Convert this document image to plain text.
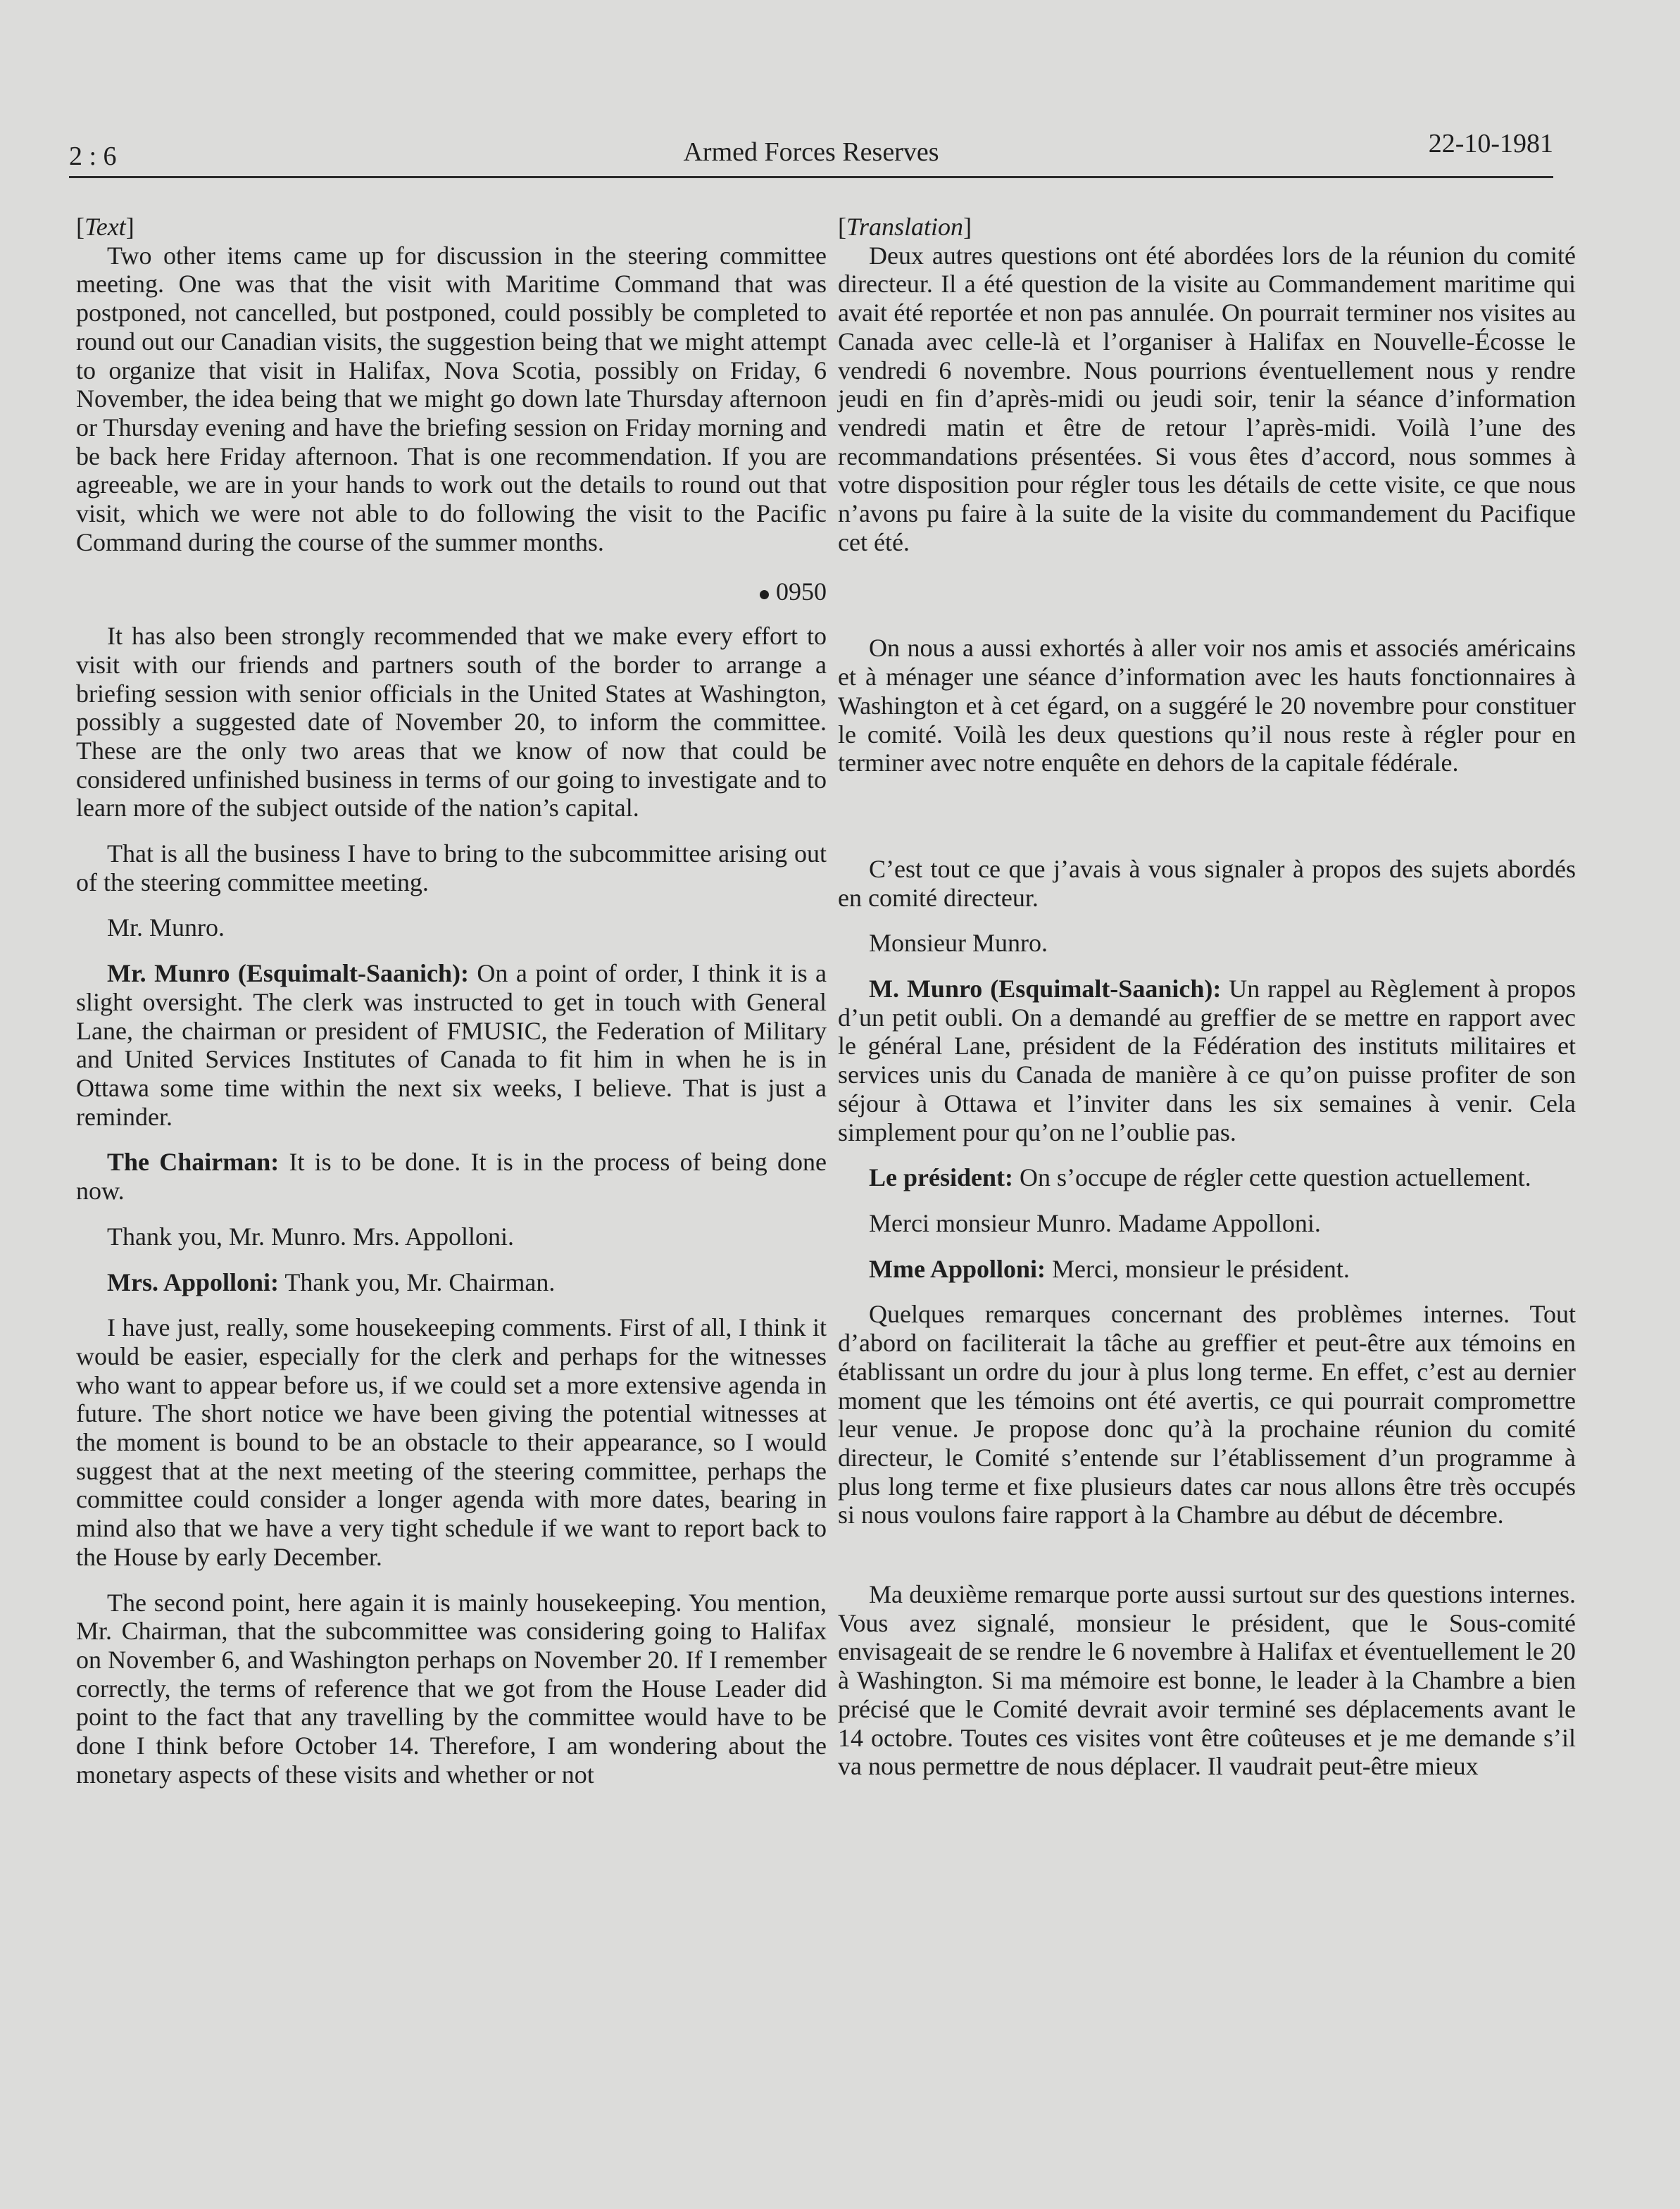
2 : 6	Armed Forces Reserves	22-10-1981

[Text]

Two other items came up for discussion in the steering committee meeting. One was that the visit with Maritime Command that was postponed, not cancelled, but postponed, could possibly be completed to round out our Canadian visits, the suggestion being that we might attempt to organize that visit in Halifax, Nova Scotia, possibly on Friday, 6 November, the idea being that we might go down late Thursday afternoon or Thursday evening and have the briefing session on Friday morning and be back here Friday afternoon. That is one recommendation. If you are agreeable, we are in your hands to work out the details to round out that visit, which we were not able to do following the visit to the Pacific Command during the course of the summer months.

0950

It has also been strongly recommended that we make every effort to visit with our friends and partners south of the border to arrange a briefing session with senior officials in the United States at Washington, possibly a suggested date of November 20, to inform the committee. These are the only two areas that we know of now that could be considered unfinished business in terms of our going to investigate and to learn more of the subject outside of the nation’s capital.

That is all the business I have to bring to the subcommittee arising out of the steering committee meeting.

Mr. Munro.

Mr. Munro (Esquimalt-Saanich): On a point of order, I think it is a slight oversight. The clerk was instructed to get in touch with General Lane, the chairman or president of FMUSIC, the Federation of Military and United Services Institutes of Canada to fit him in when he is in Ottawa some time within the next six weeks, I believe. That is just a reminder.

The Chairman: It is to be done. It is in the process of being done now.

Thank you, Mr. Munro. Mrs. Appolloni.

Mrs. Appolloni: Thank you, Mr. Chairman.

I have just, really, some housekeeping comments. First of all, I think it would be easier, especially for the clerk and perhaps for the witnesses who want to appear before us, if we could set a more extensive agenda in future. The short notice we have been giving the potential witnesses at the moment is bound to be an obstacle to their appearance, so I would suggest that at the next meeting of the steering committee, perhaps the committee could consider a longer agenda with more dates, bearing in mind also that we have a very tight schedule if we want to report back to the House by early December.

The second point, here again it is mainly housekeeping. You mention, Mr. Chairman, that the subcommittee was considering going to Halifax on November 6, and Washington perhaps on November 20. If I remember correctly, the terms of reference that we got from the House Leader did point to the fact that any travelling by the committee would have to be done I think before October 14. Therefore, I am wondering about the monetary aspects of these visits and whether or not

[Translation]

Deux autres questions ont été abordées lors de la réunion du comité directeur. Il a été question de la visite au Commandement maritime qui avait été reportée et non pas annulée. On pourrait terminer nos visites au Canada avec celle-là et l’organiser à Halifax en Nouvelle-Écosse le vendredi 6 novembre. Nous pourrions éventuellement nous y rendre jeudi en fin d’après-midi ou jeudi soir, tenir la séance d’information vendredi matin et être de retour l’après-midi. Voilà l’une des recommandations présentées. Si vous êtes d’accord, nous sommes à votre disposition pour régler tous les détails de cette visite, ce que nous n’avons pu faire à la suite de la visite du commandement du Pacifique cet été.

On nous a aussi exhortés à aller voir nos amis et associés américains et à ménager une séance d’information avec les hauts fonctionnaires à Washington et à cet égard, on a suggéré le 20 novembre pour constituer le comité. Voilà les deux questions qu’il nous reste à régler pour en terminer avec notre enquête en dehors de la capitale fédérale.

C’est tout ce que j’avais à vous signaler à propos des sujets abordés en comité directeur.

Monsieur Munro.

M. Munro (Esquimalt-Saanich): Un rappel au Règlement à propos d’un petit oubli. On a demandé au greffier de se mettre en rapport avec le général Lane, président de la Fédération des instituts militaires et services unis du Canada de manière à ce qu’on puisse profiter de son séjour à Ottawa et l’inviter dans les six semaines à venir. Cela simplement pour qu’on ne l’oublie pas.

Le président: On s’occupe de régler cette question actuellement.

Merci monsieur Munro. Madame Appolloni.

Mme Appolloni: Merci, monsieur le président.

Quelques remarques concernant des problèmes internes. Tout d’abord on faciliterait la tâche au greffier et peut-être aux témoins en établissant un ordre du jour à plus long terme. En effet, c’est au dernier moment que les témoins ont été avertis, ce qui pourrait compromettre leur venue. Je propose donc qu’à la prochaine réunion du comité directeur, le Comité s’entende sur l’établissement d’un programme à plus long terme et fixe plusieurs dates car nous allons être très occupés si nous voulons faire rapport à la Chambre au début de décembre.

Ma deuxième remarque porte aussi surtout sur des questions internes. Vous avez signalé, monsieur le président, que le Sous-comité envisageait de se rendre le 6 novembre à Halifax et éventuellement le 20 à Washington. Si ma mémoire est bonne, le leader à la Chambre a bien précisé que le Comité devrait avoir terminé ses déplacements avant le 14 octobre. Toutes ces visites vont être coûteuses et je me demande s’il va nous permettre de nous déplacer. Il vaudrait peut-être mieux
